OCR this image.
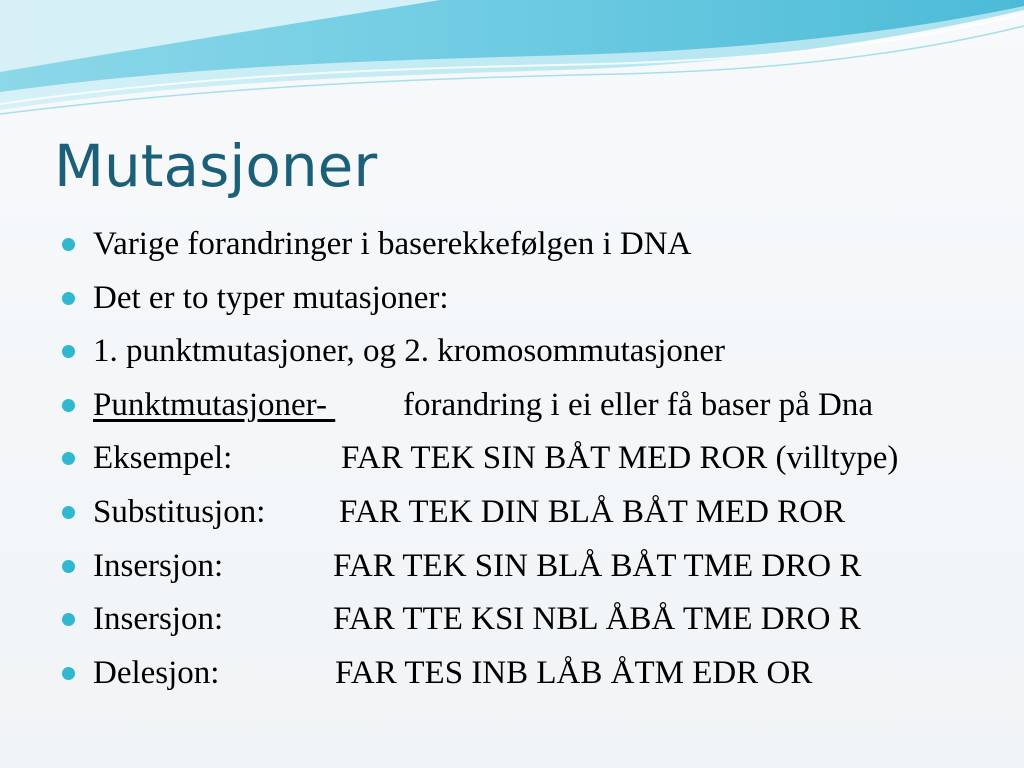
Mutasjoner

Varige forandringer i baserekkefølgen i DNA

Det er to typer mutasjoner:

1. punktmutasjoner, og 2. kromosommutasjoner

Punktmutasjoner-

forandring i ei eller få baser på Dna

Eksempel:

	FAR TEK SIN BÅT MED ROR (villtype)

Substitusjon:

FAR TEK DIN BLÅ BÅT MED ROR

Insersjon:

	FAR TEK SIN BLÅ BÅT TME DRO R

Insersjon:

	FAR TTE KSI NBL ÅBÅ TME DRO R

Delesjon:

	FAR TES INB LÅB ÅTM EDR OR
